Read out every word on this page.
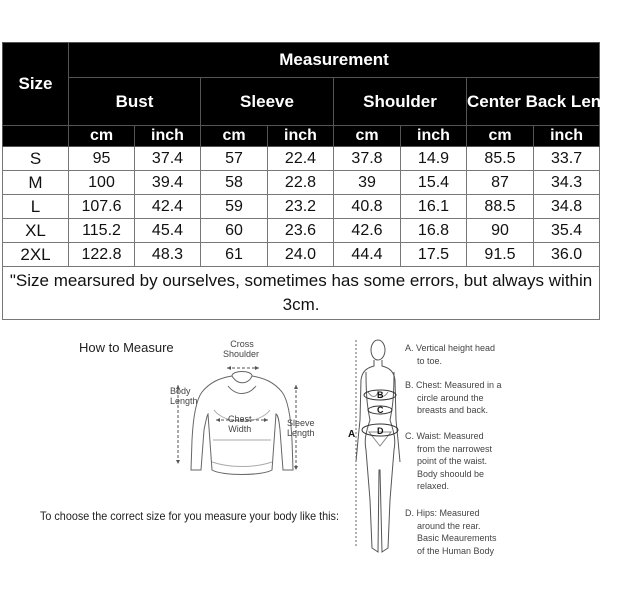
Size	Measurement							
	Bust		Sleeve		Shoulder		Center Back Length	
	cm	inch	cm	inch	cm	inch	cm	inch
S	95	37.4	57	22.4	37.8	14.9	85.5	33.7
M	100	39.4	58	22.8	39	15.4	87	34.3
L	107.6	42.4	59	23.2	40.8	16.1	88.5	34.8
XL	115.2	45.4	60	23.6	42.6	16.8	90	35.4
2XL	122.8	48.3	61	24.0	44.4	17.5	91.5	36.0
"Size mearsured by ourselves, sometimes has some errors, but always within 3cm.								
How to Measure	Cross
Shoulder
Body
Length
Chest
Width
Sleeve
Length
To choose the correct size for you measure your body like this:
A
B
C
D
A. Vertical height head
to toe.
B. Chest: Measured in a
circle around the
breasts and back.
C. Waist: Measured
from the narrowest
point of the waist.
Body shoould be
relaxed.
D. Hips: Measured
around the rear.
Basic Meaurements
of the Human Body
